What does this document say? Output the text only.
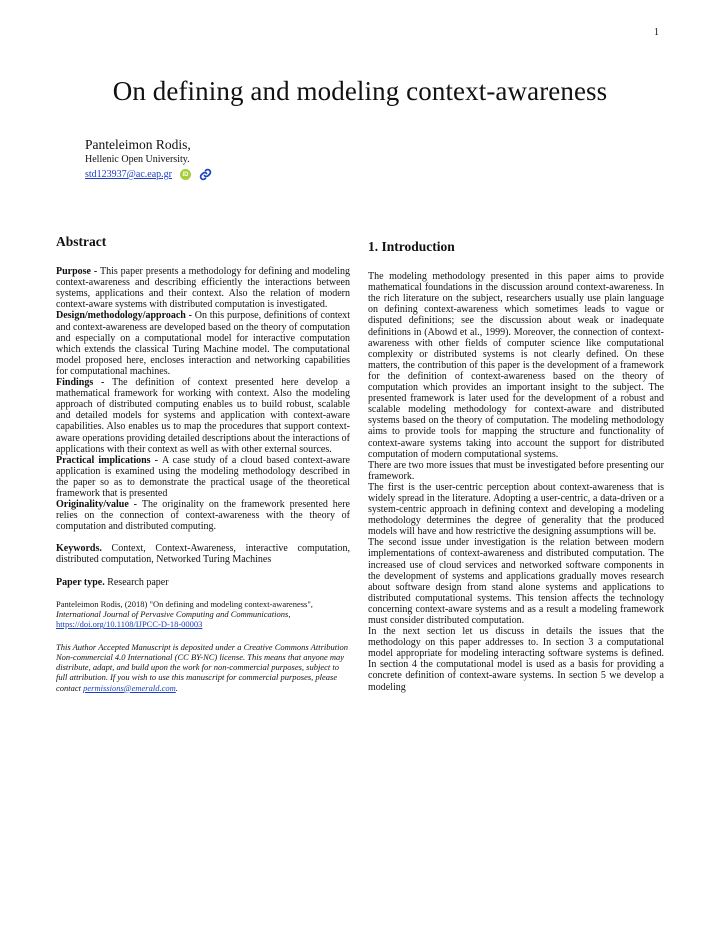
1
On defining and modeling context-awareness
Panteleimon Rodis,
Hellenic Open University.
std123937@ac.eap.gr	iD
Abstract

Purpose - This paper presents a methodology for defining and modeling context-awareness and describing efficiently the interactions between systems, applications and their context. Also the relation of modern context-aware systems with distributed computation is investigated.

Design/methodology/approach - On this purpose, definitions of context and context-awareness are developed based on the theory of computation and especially on a computational model for interactive computation which extends the classical Turing Machine model. The computational model proposed here, encloses interaction and networking capabilities for computational machines.

Findings - The definition of context presented here develop a mathematical framework for working with context. Also the modeling approach of distributed computing enables us to build robust, scalable and detailed models for systems and application with context-aware capabilities. Also enables us to map the procedures that support context-aware operations providing detailed descriptions about the interactions of applications with their context as well as with other external sources.

Practical implications - A case study of a cloud based context-aware application is examined using the modeling methodology described in the paper so as to demonstrate the practical usage of the theoretical framework that is presented

Originality/value - The originality on the framework presented here relies on the connection of context-awareness with the theory of computation and distributed computing.

Keywords. Context, Context-Awareness, interactive computation, distributed computation, Networked Turing Machines

Paper type. Research paper

Panteleimon Rodis, (2018) "On defining and modeling context-awareness", International Journal of Pervasive Computing and Communications, https://doi.org/10.1108/IJPCC-D-18-00003

This Author Accepted Manuscript is deposited under a Creative Commons Attribution Non-commercial 4.0 International (CC BY-NC) license. This means that anyone may distribute, adapt, and build upon the work for non-commercial purposes, subject to full attribution. If you wish to use this manuscript for commercial purposes, please contact permissions@emerald.com.

1. Introduction

The modeling methodology presented in this paper aims to provide mathematical foundations in the discussion around context-awareness. In the rich literature on the subject, researchers usually use plain language on defining context-awareness which sometimes leads to vague or disputed definitions; see the discussion about weak or inadequate definitions in (Abowd et al., 1999). Moreover, the connection of context-awareness with other fields of computer science like computational complexity or distributed systems is not clearly defined. On these matters, the contribution of this paper is the development of a framework for the definition of context-awareness based on the theory of computation which provides an important insight to the subject. The presented framework is later used for the development of a robust and scalable modeling methodology for context-aware and distributed systems based on the theory of computation. The modeling methodology aims to provide tools for mapping the structure and functionality of context-aware systems taking into account the support for distributed computation of modern computational systems.

There are two more issues that must be investigated before presenting our framework.

The first is the user-centric perception about context-awareness that is widely spread in the literature. Adopting a user-centric, a data-driven or a system-centric approach in defining context and developing a modeling methodology determines the degree of generality that the produced models will have and how restrictive the designing assumptions will be.

The second issue under investigation is the relation between modern implementations of context-awareness and distributed computation. The increased use of cloud services and networked software components in the development of systems and applications gradually moves research about software design from stand alone systems and applications to distributed computational systems. This tension affects the technology concerning context-aware systems and as a result a modeling framework must consider distributed computation.

In the next section let us discuss in details the issues that the methodology on this paper addresses to. In section 3 a computational model appropriate for modeling interacting software systems is defined. In section 4 the computational model is used as a basis for providing a concrete definition of context-aware systems. In section 5 we develop a modeling
